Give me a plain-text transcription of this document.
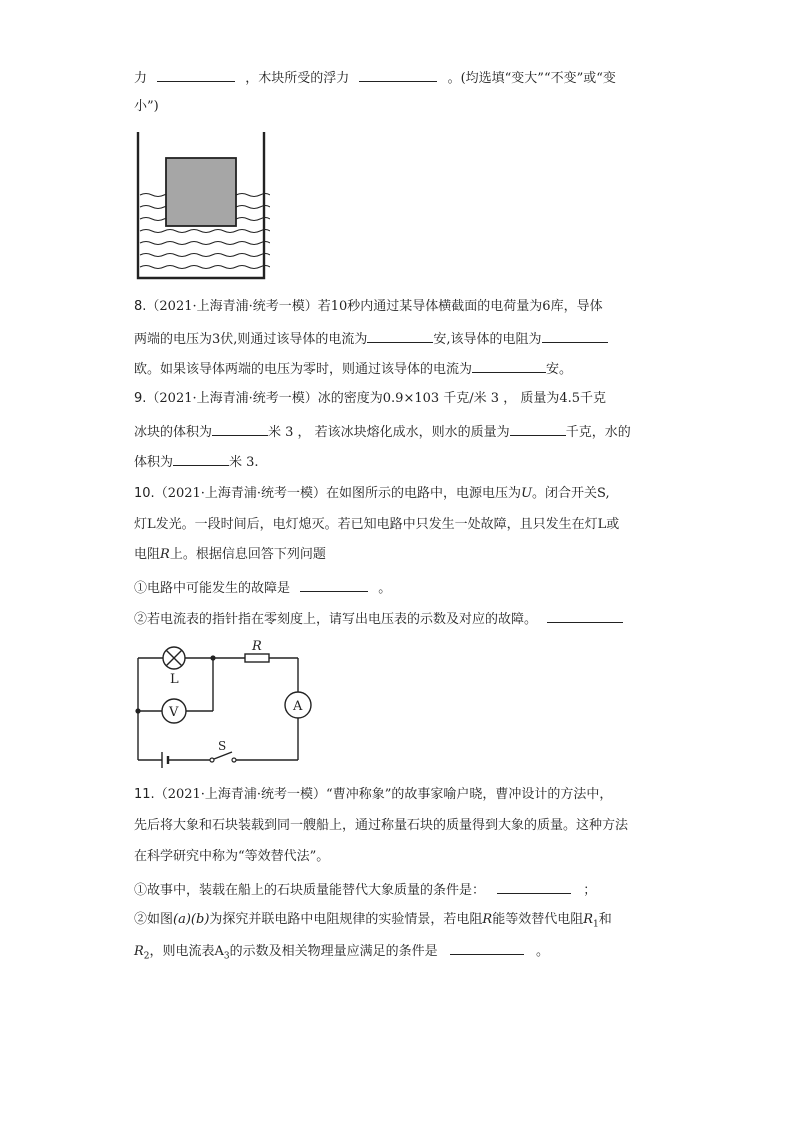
力	，木块所受的浮力	。(均选填“变大”“不变”或“变
小”)
8.（2021·上海青浦·统考一模）若10秒内通过某导体横截面的电荷量为6库，导体
两端的电压为3伏,则通过该导体的电流为	安,该导体的电阻为
欧。如果该导体两端的电压为零时，则通过该导体的电流为	安。
9.（2021·上海青浦·统考一模）冰的密度为0.9×103 千克/米 3 ， 质量为4.5千克
冰块的体积为	米 3 ， 若该冰块熔化成水，则水的质量为	千克，水的
体积为	米 3.
10.（2021·上海青浦·统考一模）在如图所示的电路中，电源电压为U。闭合开关S,
灯L发光。一段时间后，电灯熄灭。若已知电路中只发生一处故障，且只发生在灯L或
电阻R上。根据信息回答下列问题
①电路中可能发生的故障是	。
②若电流表的指针指在零刻度上，请写出电压表的示数及对应的故障。
L
R
V	A
S
11.（2021·上海青浦·统考一模）“曹冲称象”的故事家喻户晓，曹冲设计的方法中，
先后将大象和石块装载到同一艘船上，通过称量石块的质量得到大象的质量。这种方法
在科学研究中称为“等效替代法”。
①故事中，装载在船上的石块质量能替代大象质量的条件是：	；
②如图(a)(b)为探究并联电路中电阻规律的实验情景，若电阻R能等效替代电阻$R_1$和
$R_2$，则电流表$A_3$的示数及相关物理量应满足的条件是	。
